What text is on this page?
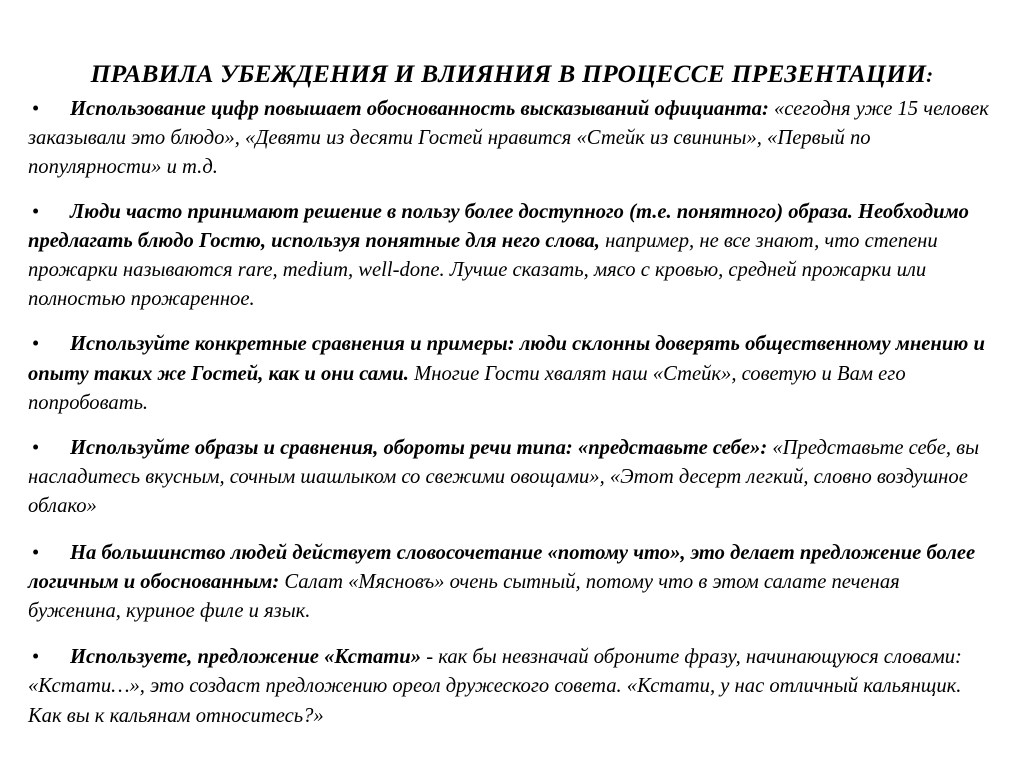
ПРАВИЛА УБЕЖДЕНИЯ И ВЛИЯНИЯ В ПРОЦЕССЕ ПРЕЗЕНТАЦИИ:

• Использование цифр повышает обоснованность высказываний официанта: «сегодня уже 15 человек заказывали это блюдо», «Девяти из десяти Гостей нравится «Стейк из свинины», «Первый по популярности» и т.д.

• Люди часто принимают решение в пользу более доступного (т.е. понятного) образа. Необходимо предлагать блюдо Гостю, используя понятные для него слова, например, не все знают, что степени прожарки называются rare, medium, well-done. Лучше сказать, мясо с кровью, средней прожарки или полностью прожаренное.

• Используйте конкретные сравнения и примеры: люди склонны доверять общественному мнению и опыту таких же Гостей, как и они сами. Многие Гости хвалят наш «Стейк», советую и Вам его попробовать.

• Используйте образы и сравнения, обороты речи типа: «представьте себе»: «Представьте себе, вы насладитесь вкусным, сочным шашлыком со свежими овощами», «Этот десерт легкий, словно воздушное облако»

• На большинство людей действует словосочетание «потому что», это делает предложение более логичным и обоснованным: Салат «Мясновъ» очень сытный, потому что в этом салате печеная буженина, куриное филе и язык.

• Используете, предложение «Кстати» - как бы невзначай оброните фразу, начинающуюся словами: «Кстати…», это создаст предложению ореол дружеского совета. «Кстати, у нас отличный кальянщик. Как вы к кальянам относитесь?»
